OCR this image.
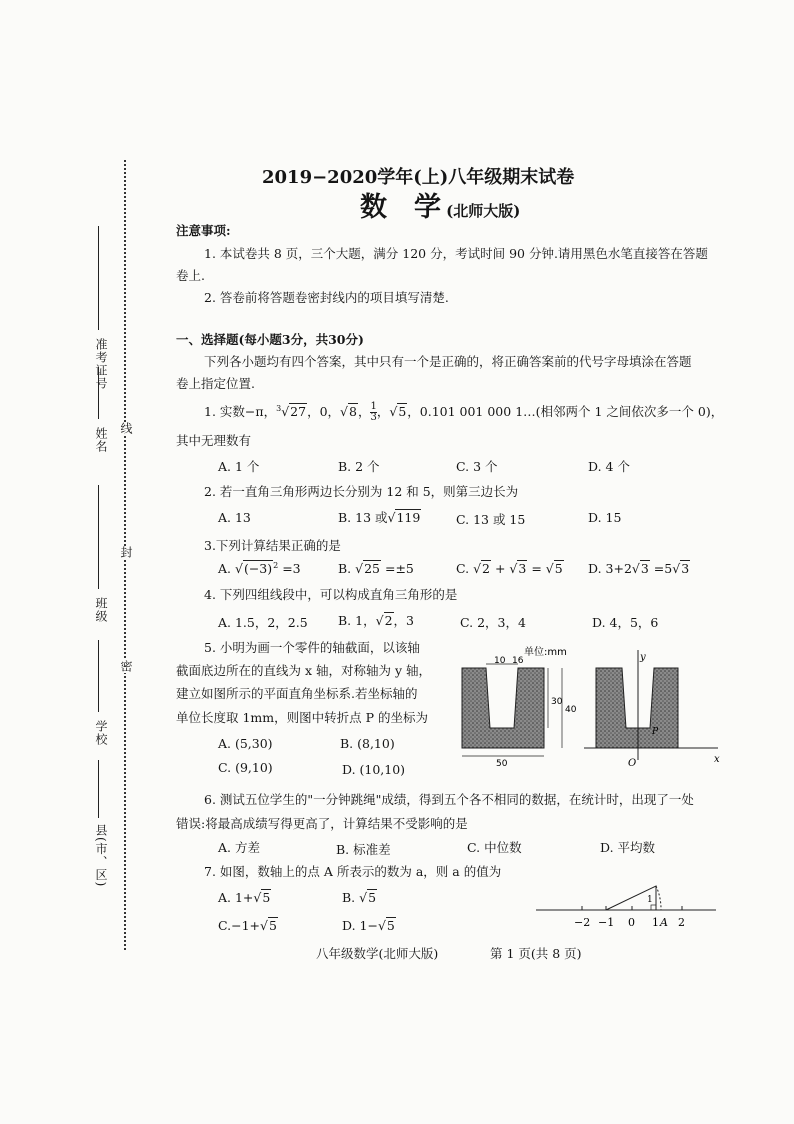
准考证号
姓名
班级
学校
县(市、区)
线
封
密
2019−2020学年(上)八年级期末试卷
数　学 (北师大版)
注意事项:
1. 本试卷共 8 页，三个大题，满分 120 分，考试时间 90 分钟.请用黑色水笔直接答在答题
卷上.
2. 答卷前将答题卷密封线内的项目填写清楚.
一、选择题(每小题3分，共30分)
下列各小题均有四个答案，其中只有一个是正确的，将正确答案前的代号字母填涂在答题
卷上指定位置.
1. 实数−π，$^3$√27，0，√8， $\frac{1}{3}$ ，√5，0.101 001 000 1…(相邻两个 1 之间依次多一个 0)，
其中无理数有
A. 1 个	B. 2 个	C. 3 个	D. 4 个
2. 若一直角三角形两边长分别为 12 和 5，则第三边长为
A. 13	B. 13 或√119	C. 13 或 15	D. 15
3.下列计算结果正确的是
A. $√(-3)^2 =3$	B. √25 =±5	C. √2 + √3 = √5 D. 3+2√3 =5√3
4. 下列四组线段中，可以构成直角三角形的是
A. 1.5，2，2.5 B. 1，√2，3	C. 2，3，4	D. 4，5，6
5. 小明为画一个零件的轴截面，以该轴
截面底边所在的直线为 x 轴，对称轴为 y 轴，
建立如图所示的平面直角坐标系.若坐标轴的
单位长度取 1mm，则图中转折点 P 的坐标为
A. (5,30)	B. (8,10)
C. (9,10)	D. (10,10)
单位:mm
10 16
30
40
50
y
x
O
P
6. 测试五位学生的"一分钟跳绳"成绩，得到五个各不相同的数据，在统计时，出现了一处
错误:将最高成绩写得更高了，计算结果不受影响的是
A. 方差	B. 标准差	C. 中位数	D. 平均数
7. 如图，数轴上的点 A 所表示的数为 a，则 a 的值为
A. 1+√5	B. √5
C.−1+√5	D. 1−√5
1
−2 −1 0 1 A 2
八年级数学(北师大版)	第 1 页(共 8 页)
